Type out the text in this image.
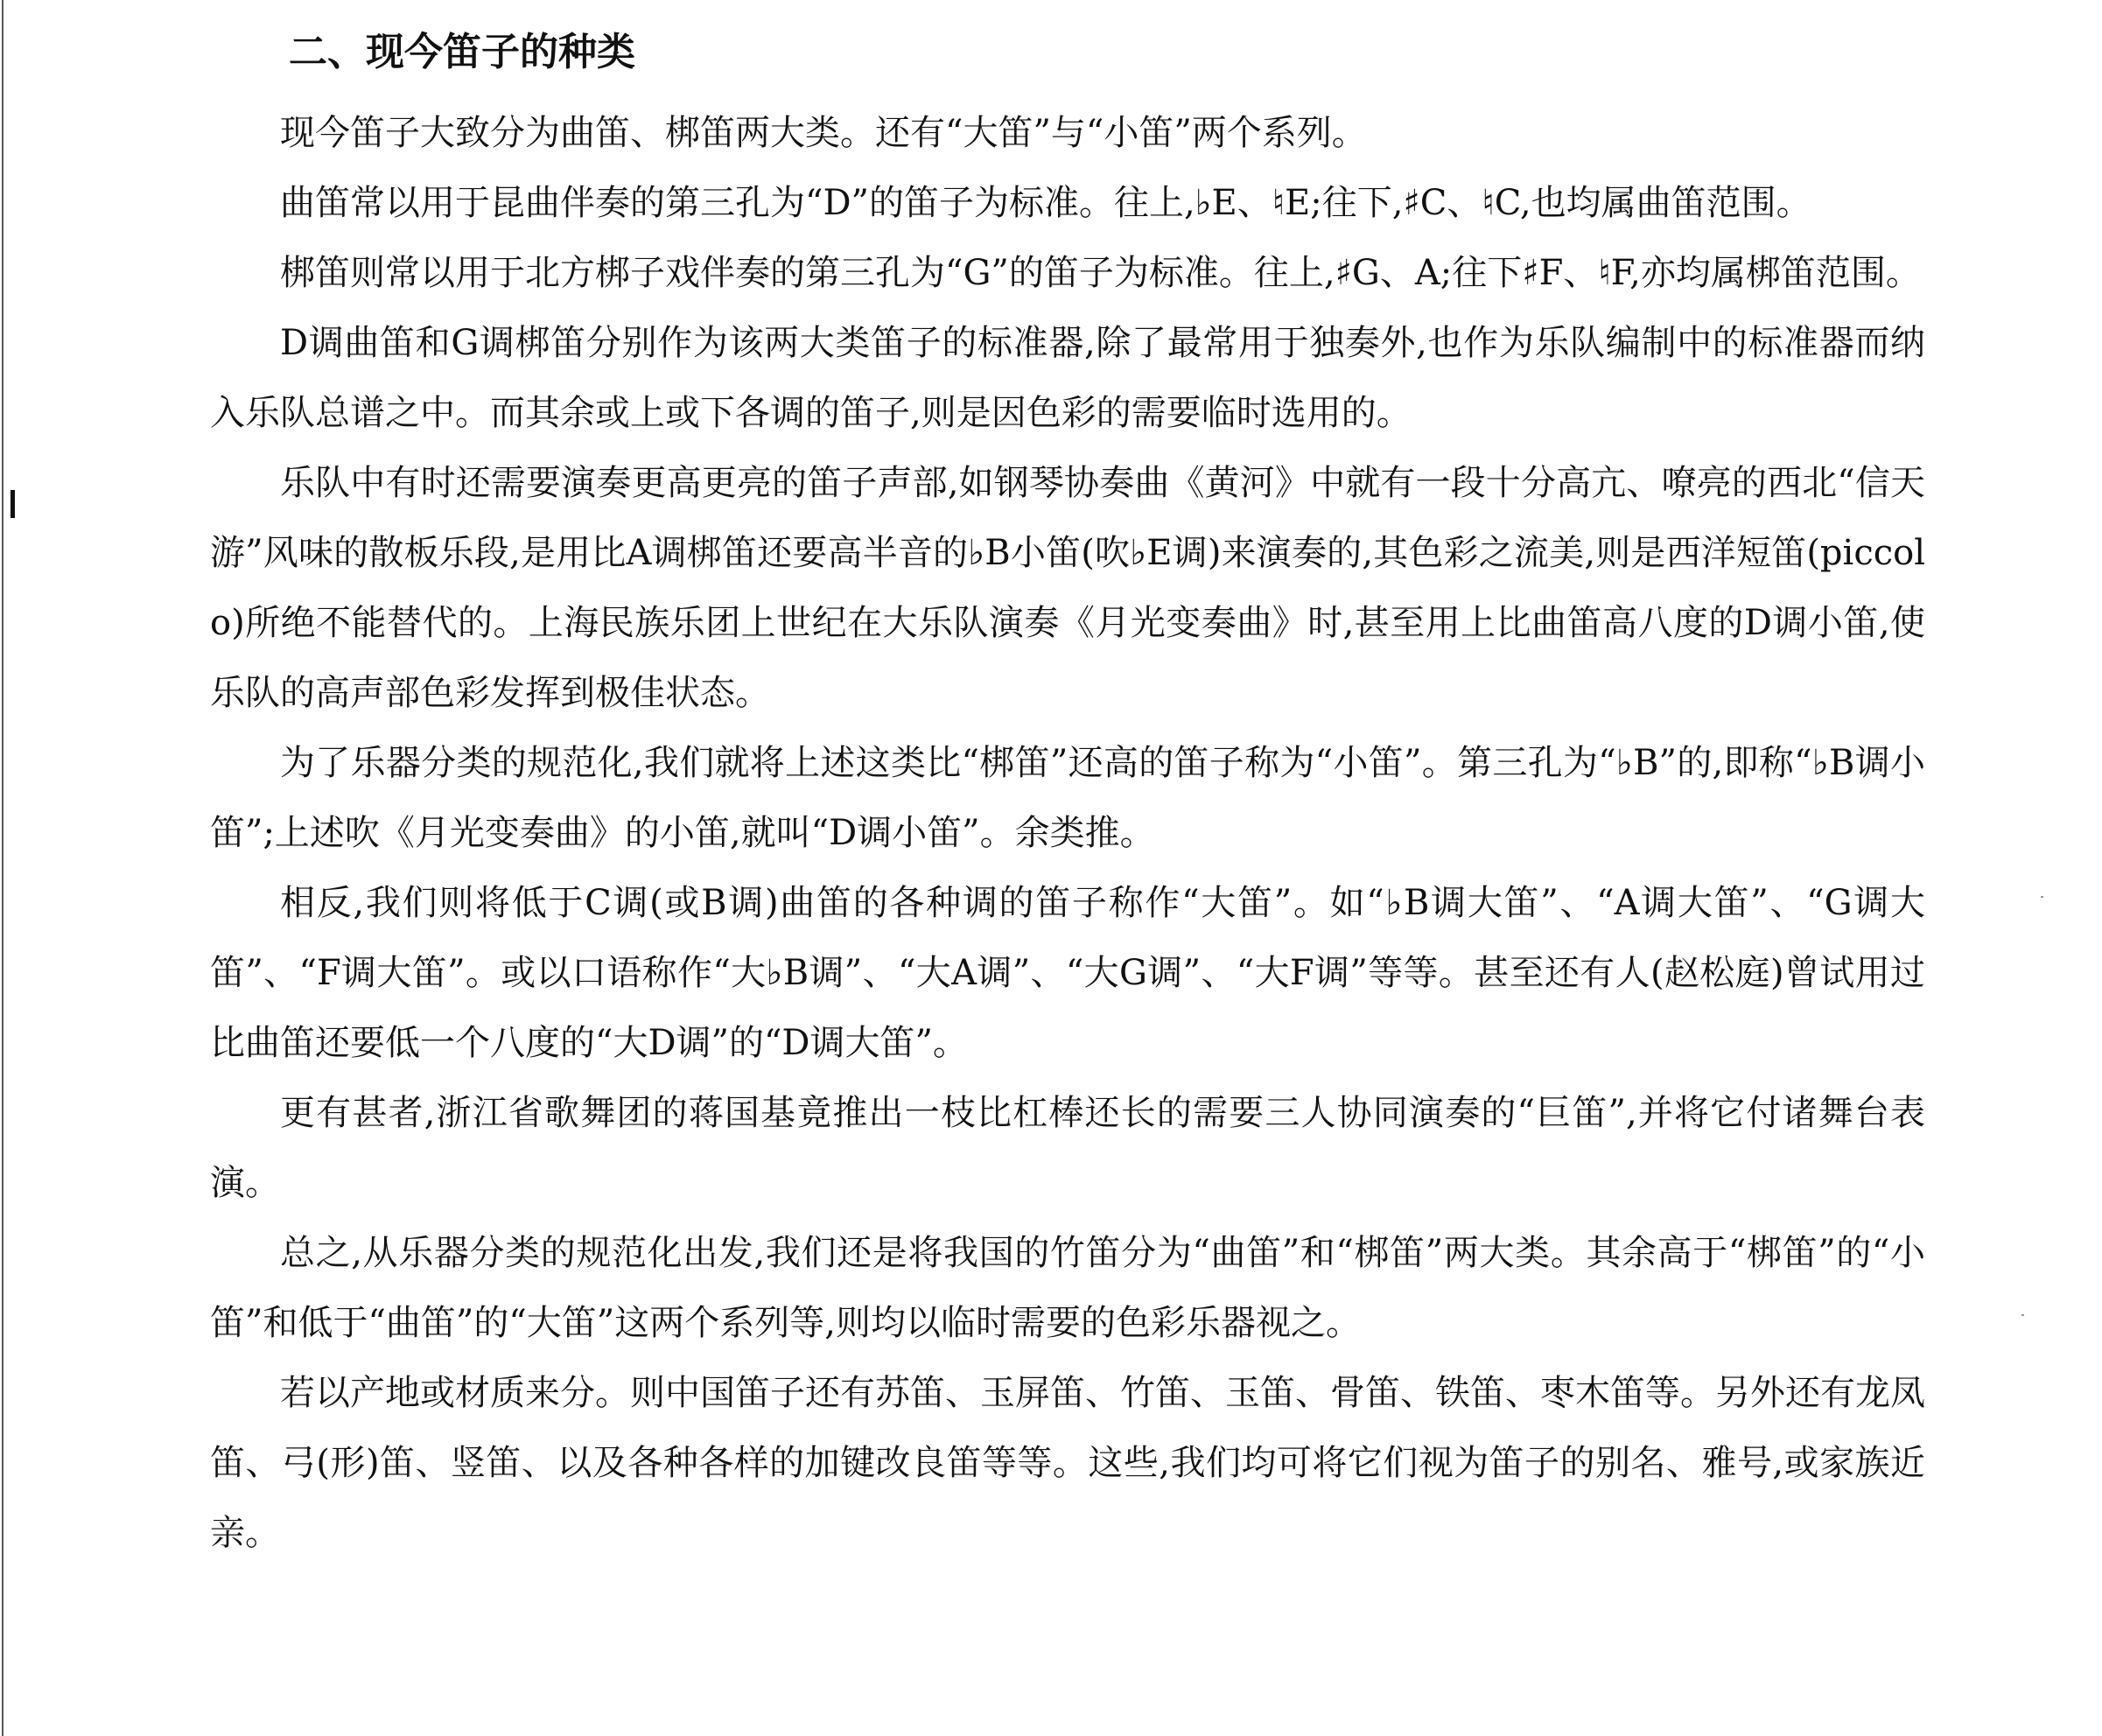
二、现今笛子的种类

现今笛子大致分为曲笛、梆笛两大类。还有“大笛”与“小笛”两个系列。

曲笛常以用于昆曲伴奏的第三孔为“D”的笛子为标准。往上,♭E、♮E;往下,♯C、♮C,也均属曲笛范围。

梆笛则常以用于北方梆子戏伴奏的第三孔为“G”的笛子为标准。往上,♯G、A;往下♯F、♮F,亦均属梆笛范围。

D调曲笛和G调梆笛分别作为该两大类笛子的标准器,除了最常用于独奏外,也作为乐队编制中的标准器而纳入乐队总谱之中。而其余或上或下各调的笛子,则是因色彩的需要临时选用的。

乐队中有时还需要演奏更高更亮的笛子声部,如钢琴协奏曲《黄河》中就有一段十分高亢、嘹亮的西北“信天游”风味的散板乐段,是用比A调梆笛还要高半音的♭B小笛(吹♭E调)来演奏的,其色彩之流美,则是西洋短笛(piccolo)所绝不能替代的。上海民族乐团上世纪在大乐队演奏《月光变奏曲》时,甚至用上比曲笛高八度的D调小笛,使乐队的高声部色彩发挥到极佳状态。

为了乐器分类的规范化,我们就将上述这类比“梆笛”还高的笛子称为“小笛”。第三孔为“♭B”的,即称“♭B调小笛”;上述吹《月光变奏曲》的小笛,就叫“D调小笛”。余类推。

相反,我们则将低于C调(或B调)曲笛的各种调的笛子称作“大笛”。如“♭B调大笛”、“A调大笛”、“G调大笛”、“F调大笛”。或以口语称作“大♭B调”、“大A调”、“大G调”、“大F调”等等。甚至还有人(赵松庭)曾试用过比曲笛还要低一个八度的“大D调”的“D调大笛”。

更有甚者,浙江省歌舞团的蒋国基竟推出一枝比杠棒还长的需要三人协同演奏的“巨笛”,并将它付诸舞台表演。

总之,从乐器分类的规范化出发,我们还是将我国的竹笛分为“曲笛”和“梆笛”两大类。其余高于“梆笛”的“小笛”和低于“曲笛”的“大笛”这两个系列等,则均以临时需要的色彩乐器视之。

若以产地或材质来分。则中国笛子还有苏笛、玉屏笛、竹笛、玉笛、骨笛、铁笛、枣木笛等。另外还有龙凤笛、弓(形)笛、竖笛、以及各种各样的加键改良笛等等。这些,我们均可将它们视为笛子的别名、雅号,或家族近亲。
